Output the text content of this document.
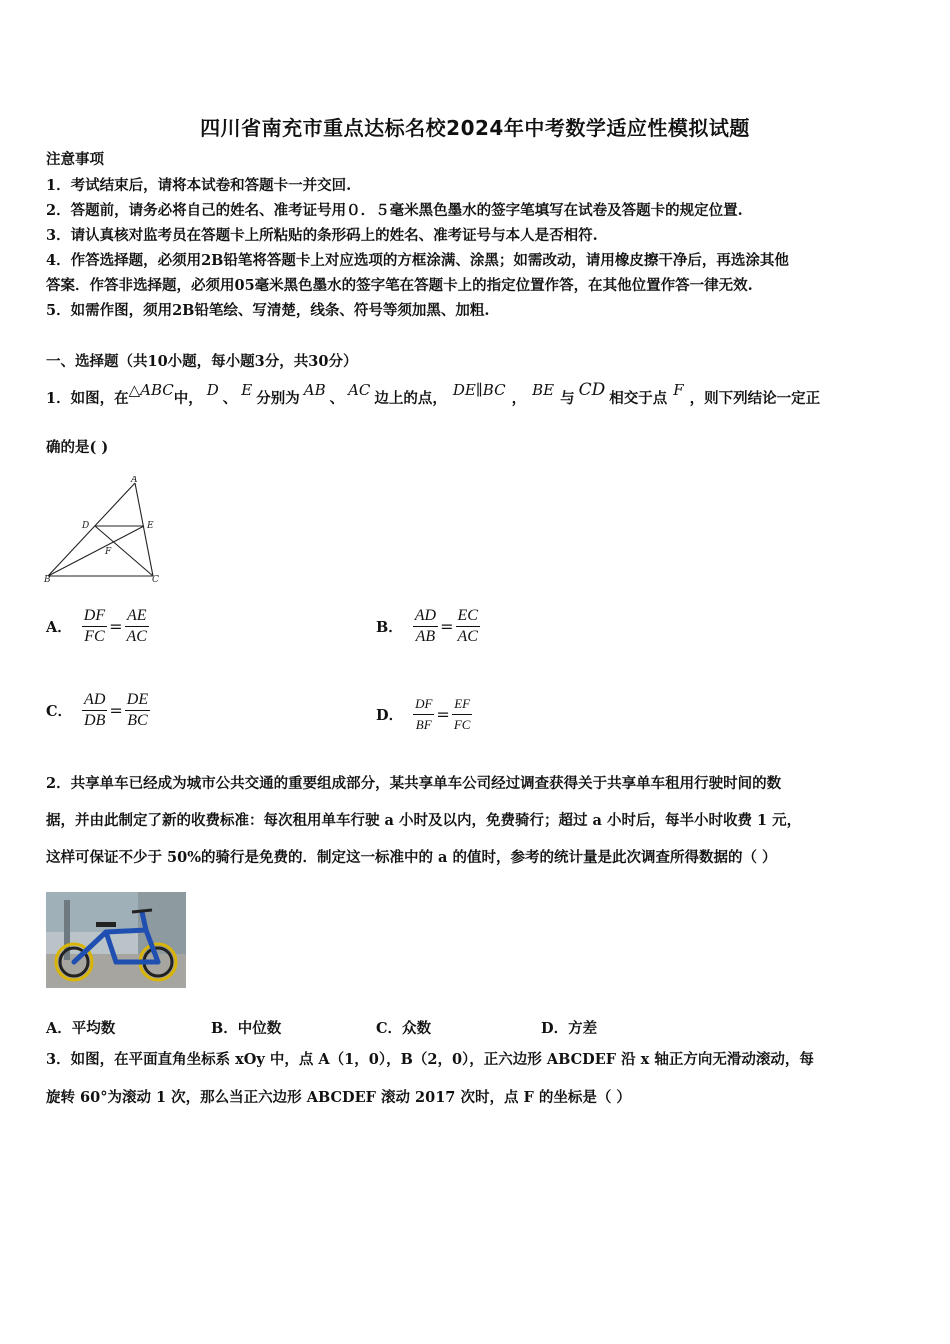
四川省南充市重点达标名校2024年中考数学适应性模拟试题
注意事项
1．考试结束后，请将本试卷和答题卡一并交回.
2．答题前，请务必将自己的姓名、准考证号用０．５毫米黑色墨水的签字笔填写在试卷及答题卡的规定位置.
3．请认真核对监考员在答题卡上所粘贴的条形码上的姓名、准考证号与本人是否相符.
4．作答选择题，必须用2B铅笔将答题卡上对应选项的方框涂满、涂黑；如需改动，请用橡皮擦干净后，再选涂其他
答案．作答非选择题，必须用05毫米黑色墨水的签字笔在答题卡上的指定位置作答，在其他位置作答一律无效.
5．如需作图，须用2B铅笔绘、写清楚，线条、符号等须加黑、加粗.
一、选择题（共10小题，每小题3分，共30分）
1．如图，在△ABC中， D 、 E 分别为 AB 、 AC 边上的点， DE∥BC ， BE 与 CD 相交于点 F ，则下列结论一定正
确的是( )
A
D	E
F
B	C
A． $\frac{DF}{FC} = \frac{AE}{AC}$	B． $\frac{AD}{AB} = \frac{EC}{AC}$
C． $\frac{AD}{DB} = \frac{DE}{BC}$	D． $\frac{DF}{BF} = \frac{EF}{FC}$
2．共享单车已经成为城市公共交通的重要组成部分，某共享单车公司经过调查获得关于共享单车租用行驶时间的数
据，并由此制定了新的收费标准：每次租用单车行驶 a 小时及以内，免费骑行；超过 a 小时后，每半小时收费 1 元，
这样可保证不少于 50%的骑行是免费的．制定这一标准中的 a 的值时，参考的统计量是此次调查所得数据的（ ）
A．平均数	B．中位数	C．众数	D．方差
3．如图，在平面直角坐标系 xOy 中，点 A（1，0），B（2，0），正六边形 ABCDEF 沿 x 轴正方向无滑动滚动，每
旋转 60°为滚动 1 次，那么当正六边形 ABCDEF 滚动 2017 次时，点 F 的坐标是（ ）
